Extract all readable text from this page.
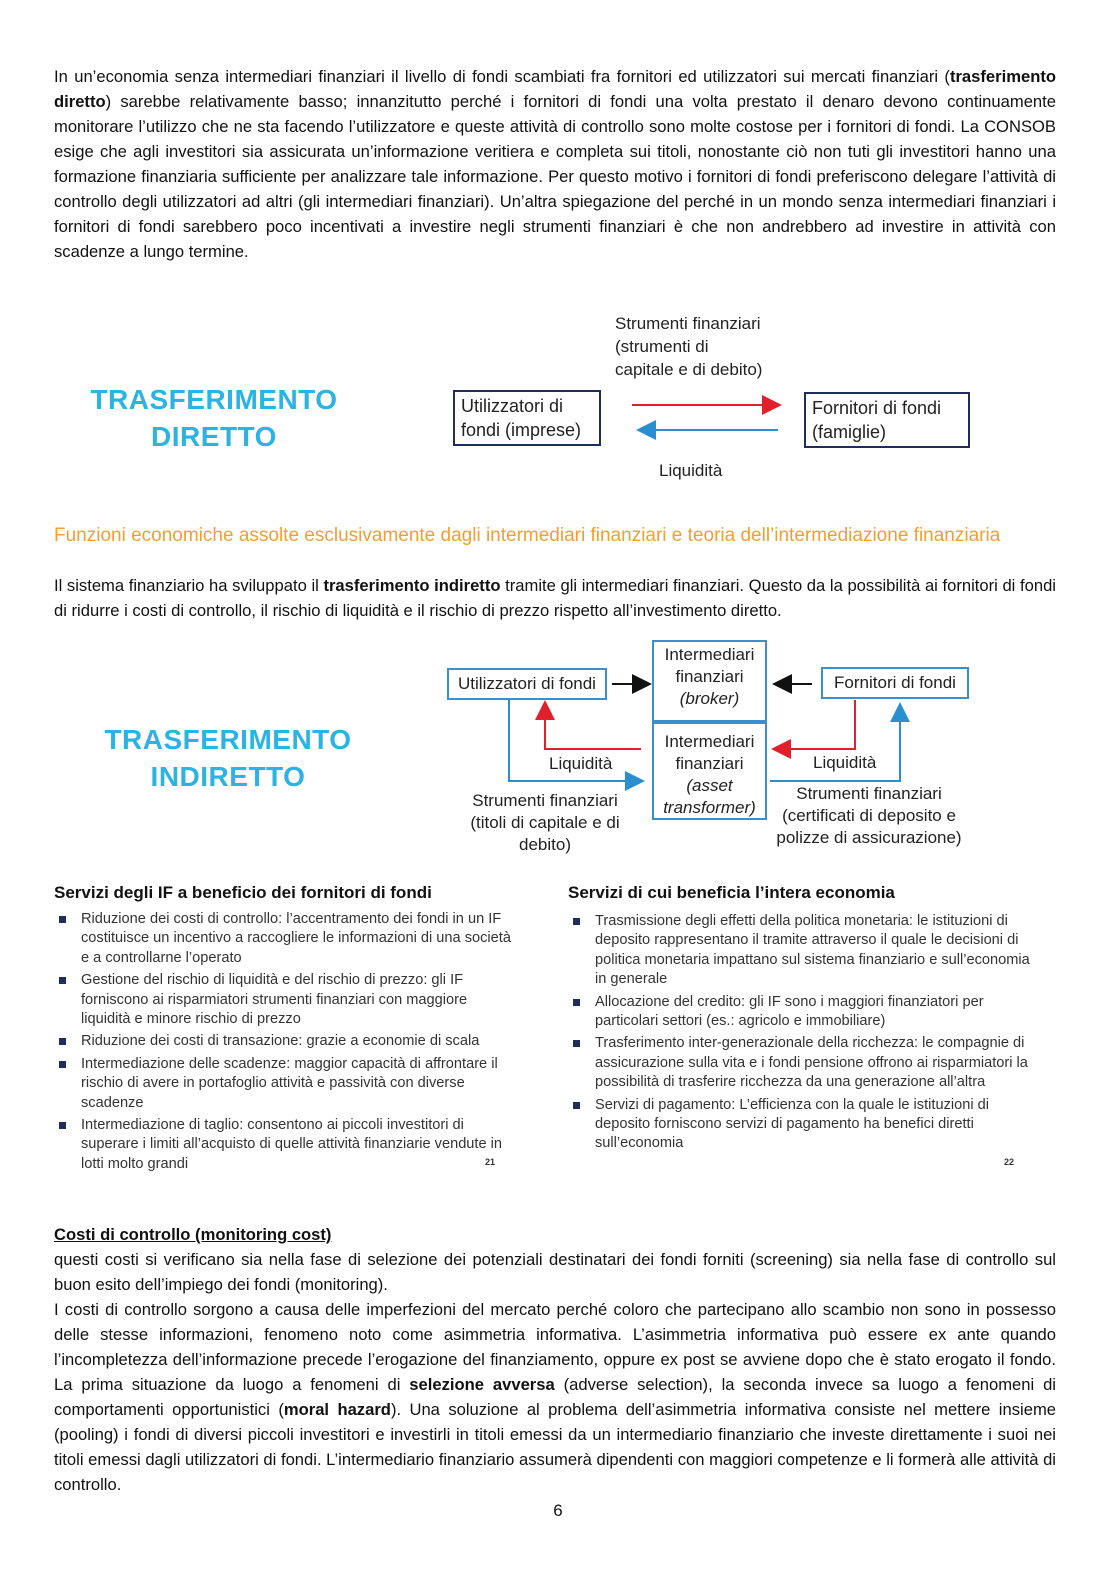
In un’economia senza intermediari finanziari il livello di fondi scambiati fra fornitori ed utilizzatori sui mercati finanziari (trasferimento diretto) sarebbe relativamente basso; innanzitutto perché i fornitori di fondi una volta prestato il denaro devono continuamente monitorare l’utilizzo che ne sta facendo l’utilizzatore e queste attività di controllo sono molte costose per i fornitori di fondi. La CONSOB esige che agli investitori sia assicurata un’informazione veritiera e completa sui titoli, nonostante ciò non tuti gli investitori hanno una formazione finanziaria sufficiente per analizzare tale informazione. Per questo motivo i fornitori di fondi preferiscono delegare l’attività di controllo degli utilizzatori ad altri (gli intermediari finanziari). Un’altra spiegazione del perché in un mondo senza intermediari finanziari i fornitori di fondi sarebbero poco incentivati a investire negli strumenti finanziari è che non andrebbero ad investire in attività con scadenze a lungo termine.

TRASFERIMENTO
DIRETTO
Strumenti finanziari
(strumenti di
capitale e di debito)
Utilizzatori di
fondi (imprese)
Fornitori di fondi
(famiglie)
Liquidità
Funzioni economiche assolte esclusivamente dagli intermediari finanziari e teoria dell’intermediazione finanziaria

Il sistema finanziario ha sviluppato il trasferimento indiretto tramite gli intermediari finanziari. Questo da la possibilità ai fornitori di fondi di ridurre i costi di controllo, il rischio di liquidità e il rischio di prezzo rispetto all’investimento diretto.

TRASFERIMENTO
INDIRETTO
Utilizzatori di fondi	Fornitori di fondi
Intermediari
finanziari
(broker)
Intermediari
finanziari
(asset
transformer)
Liquidità	Liquidità
Strumenti finanziari
(titoli di capitale e di
debito)
Strumenti finanziari
(certificati di deposito e
polizze di assicurazione)
Servizi degli IF a beneficio dei fornitori di fondi
Riduzione dei costi di controllo: l’accentramento dei fondi in un IF costituisce un incentivo a raccogliere le informazioni di una società e a controllarne l’operato
Gestione del rischio di liquidità e del rischio di prezzo: gli IF forniscono ai risparmiatori strumenti finanziari con maggiore liquidità e minore rischio di prezzo
Riduzione dei costi di transazione: grazie a economie di scala
Intermediazione delle scadenze: maggior capacità di affrontare il rischio di avere in portafoglio attività e passività con diverse scadenze
Intermediazione di taglio: consentono ai piccoli investitori di superare i limiti all’acquisto di quelle attività finanziarie vendute in lotti molto grandi	21
Servizi di cui beneficia l’intera economia
Trasmissione degli effetti della politica monetaria: le istituzioni di deposito rappresentano il tramite attraverso il quale le decisioni di politica monetaria impattano sul sistema finanziario e sull’economia in generale
Allocazione del credito: gli IF sono i maggiori finanziatori per particolari settori (es.: agricolo e immobiliare)
Trasferimento inter-generazionale della ricchezza: le compagnie di assicurazione sulla vita e i fondi pensione offrono ai risparmiatori la possibilità di trasferire ricchezza da una generazione all’altra
Servizi di pagamento: L’efficienza con la quale le istituzioni di deposito forniscono servizi di pagamento ha benefici diretti sull’economia
22
Costi di controllo (monitoring cost)
questi costi si verificano sia nella fase di selezione dei potenziali destinatari dei fondi forniti (screening) sia nella fase di controllo sul buon esito dell’impiego dei fondi (monitoring).
I costi di controllo sorgono a causa delle imperfezioni del mercato perché coloro che partecipano allo scambio non sono in possesso delle stesse informazioni, fenomeno noto come asimmetria informativa. L’asimmetria informativa può essere ex ante quando l’incompletezza dell’informazione precede l’erogazione del finanziamento, oppure ex post se avviene dopo che è stato erogato il fondo. La prima situazione da luogo a fenomeni di selezione avversa (adverse selection), la seconda invece sa luogo a fenomeni di comportamenti opportunistici (moral hazard). Una soluzione al problema dell’asimmetria informativa consiste nel mettere insieme (pooling) i fondi di diversi piccoli investitori e investirli in titoli emessi da un intermediario finanziario che investe direttamente i suoi nei titoli emessi dagli utilizzatori di fondi. L’intermediario finanziario assumerà dipendenti con maggiori competenze e li formerà alle attività di controllo.
6
